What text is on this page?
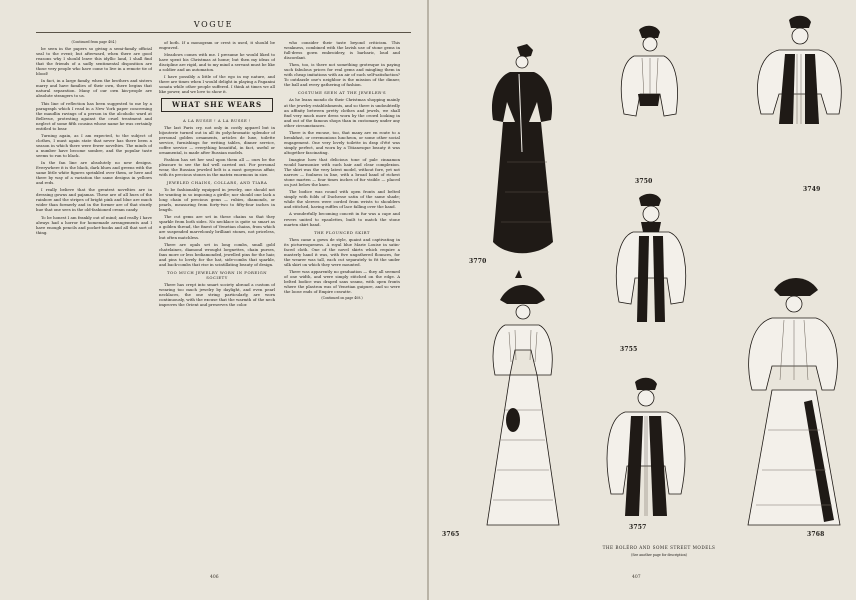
VOGUE
(Continued from page 404.)

be seen in the papers so giving a semi-family official seal to the event; but afterward, when there are good reasons why I should leave this idyllic land, I shall find that the friends of a sadly sentimental disposition are those very people who have come to live in a remote tie of blood!

In fact, in a large family, when the brothers and sisters marry and have families of their own, there begins that natural separation. Many of our own kin-people are absolute strangers to us.

This line of reflection has been suggested to me by a paragraph which I read in a New York paper concerning the maudlin ravings of a person in the alcoholic ward at Bellevue, protesting against the cruel treatment and neglect of some fifth cousins whose name he was certainly entitled to bear.

Turning again, as I am expected, to the subject of clothes, I must again state that never has there been a season in which there were fewer novelties. The minds of a number have become sombre, and the popular taste seems to run to black.

In the fan line are absolutely no new designs. Everywhere it is the black, dark blues and greens with the same little white figures sprinkled over them, or here and there by way of a variation the same designs in yellows and reds.

I really believe that the greatest novelties are in dressing gowns and pajamas. These are of all hues of the rainbow and the stripes of bright pink and blue are much wider than formerly and in the former are of that sturdy hue that one sees in the old-fashioned cream candy.

To be honest I am frankly out of mind; and really I have always had a horror for homemade arrangements and I have enough pencils and pocket-books and all that sort of thing.

of both. If a monogram or crest is used, it should be engraved.

Meadows comes with me. I presume he would liked to have spent his Christmas at home; but then my ideas of discipline are rigid, and to my mind a servant must be like a soldier and an automaton.

I have possibly a little of the ego in my nature, and there are times when I would delight in playing a Paganini sonata while other people suffered. I think at times we all like power, and we love to show it.

WHAT SHE WEARS
A LA RUSSE ! A LA RUSSE !

The last Paris cry, not only in costly apparel but in bijouterie turned out in all its polychromatic splendor of personal golden ornaments, articles de luxe, toilette service, furnishings for writing tables, dinner service, coffee service — everything beautiful, in fact, useful or ornamental, is made after Russian models.

Fashion has set her seal upon them all — ours be the pleasure to see the fad well carried out. For personal wear, the Russian jeweled belt is a most gorgeous affair, with its precious stones in the matrix enormous in size.

JEWELED CHAINS, COLLARS, AND TIARA

To be fashionably equipped in jewelry, one should not be wanting in so imposing a girdle; nor should one lack a long chain of precious gems — rubies, diamonds, or pearls, measuring from forty-two to fifty-four inches in length.

The cut gems are set in these chains so that they sparkle from both sides. No necklace is quite so smart as a golden thread, the finest of Venetian chains, from which are suspended marvelously brilliant stones, not priceless, but often matchless.

There are opals set in long combs, small gold chatelaines, diamond wrought lorgnettes, chain purses, fans more or less bediamonded, jewelled pins for the hair, and pins to lovely for the hat, side-combs that sparkle, and back-combs that rise in scintillating beauty of design.

TOO MUCH JEWELRY WORN IN FOREIGN SOCIETY

There has crept into smart society abroad a custom of wearing too much jewelry by daylight, and even pearl necklaces, the one string particularly, are worn continuously, with the excuse that the warmth of the neck improves the Orient and preserves the color.

who consider their taste beyond criticism. This weakness, combined with the lavish use of stone gems in full-dress gown embroidery, is barbaric, loud and discordant.

Then, too, is there not something grotesque in paying such fabulous prices for real gems and mingling them in with cheap imitations with an air of such self-satisfaction? To outdazzle one's neighbor is the mission of the dinner, the ball and every gathering of fashion.

COSTUME SEEN AT THE JEWELER'S

As he leans mondo do their Christmas shopping mainly at the jewelry establishments, and so there is undoubtedly an affinity between pretty clothes and jewels, we shall find very much more dress worn by the crowd looking in and out of the famous shops than in customary under any other circumstances.

There is the excuse, too, that many are en route to a breakfast, or ceremonious luncheon, or some other social engagement. One very lovely toilette in drap d'été was simply perfect, and worn by a Titianesque beauty it was altogether fascinating.

Imagine how that delicious tone of pale cinnamon would harmonize with such hair and clear complexion. The skirt was the very latest model, without fore, yet not narrow — foulness in line, with a broad band of richest stone marten — four times inches of fur visible — placed on just below the knee.

The bodice was round with open fronts and belted simply with folds of Duchesse satin of the same shade; while the sleeves were corded from wrists to shoulders and stitched, having ruffles of lace falling over the hand.

A wonderfully becoming conceit in fur was a cape and revers united to epaulettes, built to match the stone marten skirt band.

THE FLOUNCED SKIRT

Then came a gown de style, quaint and captivating in its picturesqueness. A royal blue Marie Louise in satin-faced cloth. One of the novel skirts which require a masterly hand it was, with five ungathered flounces, for the wearer was tall, each cut separately to fit the under silk skirt on which they were mounted.

There was apparently no graduation — they all seemed of one width, and were simply stitched on the edge. A belted bodice was draped sans seams, with open fronts where the plastron was of Venetian guipure, and so were the loose ends of Empire cravatte.

(Continued on page 408.)
406
3770
3750
3749
3755
3765
3757
3768
THE BOLÉRO AND SOME STREET MODELS
(See another page for description)
407
